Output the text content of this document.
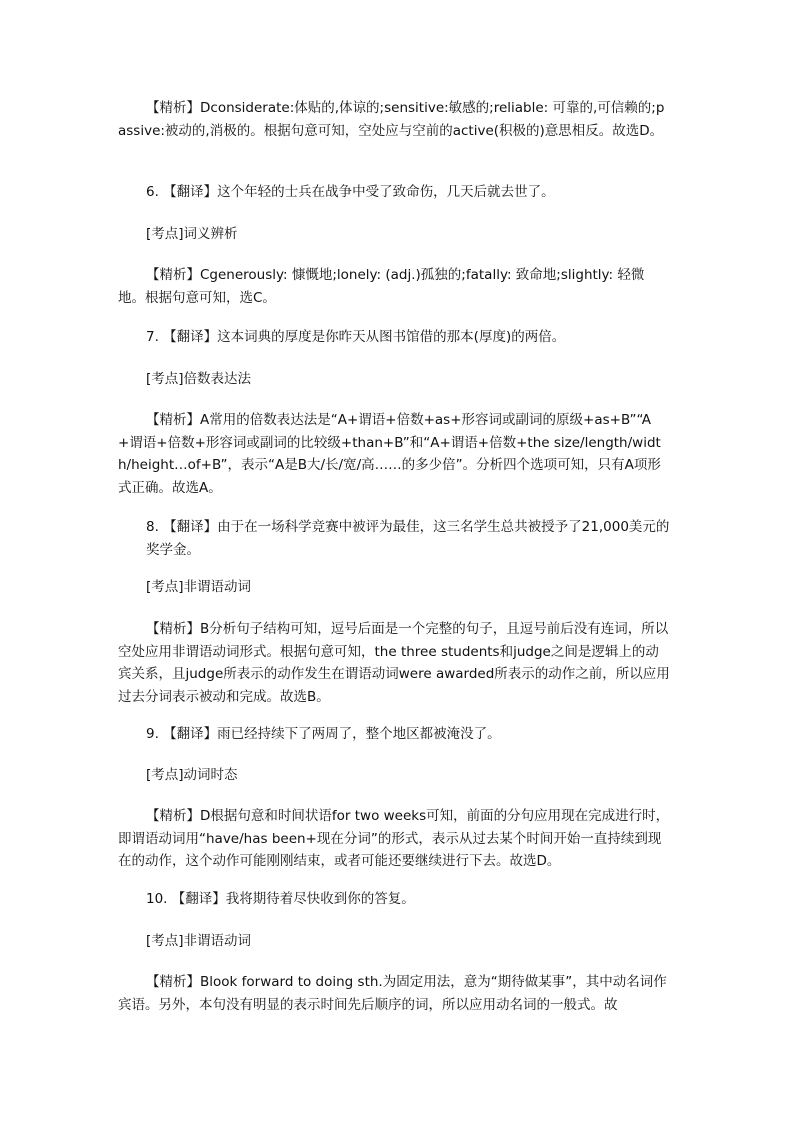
【精析】Dconsiderate:体贴的,体谅的;sensitive:敏感的;reliable: 可靠的,可信赖的;passive:被动的,消极的。根据句意可知，空处应与空前的active(积极的)意思相反。故选D。
6. 【翻译】这个年轻的士兵在战争中受了致命伤，几天后就去世了。
[考点]词义辨析
【精析】Cgenerously: 慷慨地;lonely: (adj.)孤独的;fatally: 致命地;slightly: 轻微地。根据句意可知，选C。
7. 【翻译】这本词典的厚度是你昨天从图书馆借的那本(厚度)的两倍。
[考点]倍数表达法
【精析】A常用的倍数表达法是“A+谓语+倍数+as+形容词或副词的原级+as+B”“A+谓语+倍数+形容词或副词的比较级+than+B”和“A+谓语+倍数+the size/length/width/height…of+B”，表示“A是B大/长/宽/高……的多少倍”。分析四个选项可知，只有A项形式正确。故选A。
8. 【翻译】由于在一场科学竞赛中被评为最佳，这三名学生总共被授予了21,000美元的奖学金。
[考点]非谓语动词
【精析】B分析句子结构可知，逗号后面是一个完整的句子，且逗号前后没有连词，所以空处应用非谓语动词形式。根据句意可知，the three students和judge之间是逻辑上的动宾关系，且judge所表示的动作发生在谓语动词were awarded所表示的动作之前，所以应用过去分词表示被动和完成。故选B。
9. 【翻译】雨已经持续下了两周了，整个地区都被淹没了。
[考点]动词时态
【精析】D根据句意和时间状语for two weeks可知，前面的分句应用现在完成进行时，即谓语动词用“have/has been+现在分词”的形式，表示从过去某个时间开始一直持续到现在的动作，这个动作可能刚刚结束，或者可能还要继续进行下去。故选D。
10. 【翻译】我将期待着尽快收到你的答复。
[考点]非谓语动词
【精析】Blook forward to doing sth.为固定用法，意为“期待做某事”，其中动名词作宾语。另外，本句没有明显的表示时间先后顺序的词，所以应用动名词的一般式。故
